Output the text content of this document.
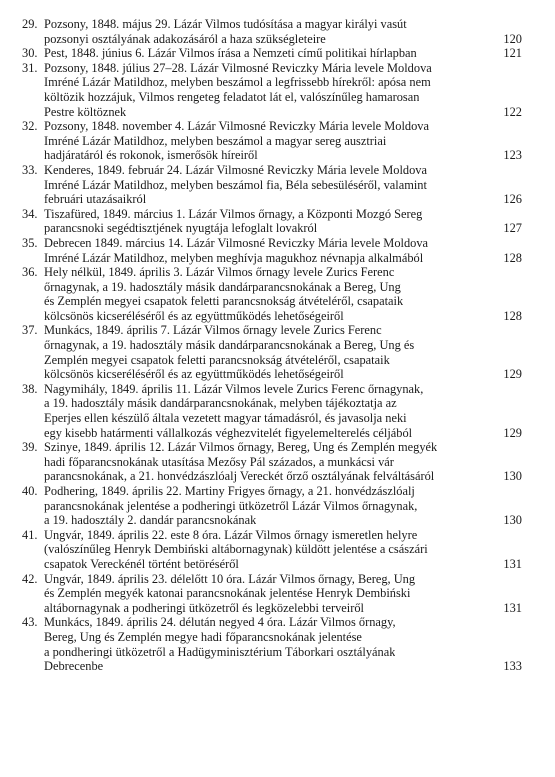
29. Pozsony, 1848. május 29. Lázár Vilmos tudósítása a magyar királyi vasút
pozsonyi osztályának adakozásáról a haza szükségleteire	120
30. Pest, 1848. június 6. Lázár Vilmos írása a Nemzeti című politikai hírlapban	121
31. Pozsony, 1848. július 27–28. Lázár Vilmosné Reviczky Mária levele Moldova
Imréné Lázár Matildhoz, melyben beszámol a legfrissebb hírekről: apósa nem
költözik hozzájuk, Vilmos rengeteg feladatot lát el, valószínűleg hamarosan
Pestre költöznek	122
32. Pozsony, 1848. november 4. Lázár Vilmosné Reviczky Mária levele Moldova
Imréné Lázár Matildhoz, melyben beszámol a magyar sereg ausztriai
hadjáratáról és rokonok, ismerősök híreiről	123
33. Kenderes, 1849. február 24. Lázár Vilmosné Reviczky Mária levele Moldova
Imréné Lázár Matildhoz, melyben beszámol fia, Béla sebesüléséről, valamint
februári utazásaikról	126
34. Tiszafüred, 1849. március 1. Lázár Vilmos őrnagy, a Központi Mozgó Sereg
parancsnoki segédtisztjének nyugtája lefoglalt lovakról	127
35. Debrecen 1849. március 14. Lázár Vilmosné Reviczky Mária levele Moldova
Imréné Lázár Matildhoz, melyben meghívja magukhoz névnapja alkalmából	128
36. Hely nélkül, 1849. április 3. Lázár Vilmos őrnagy levele Zurics Ferenc
őrnagynak, a 19. hadosztály másik dandárparancsnokának a Bereg, Ung
és Zemplén megyei csapatok feletti parancsnokság átvételéről, csapataik
kölcsönös kicseréléséről és az együttműködés lehetőségeiről	128
37. Munkács, 1849. április 7. Lázár Vilmos őrnagy levele Zurics Ferenc
őrnagynak, a 19. hadosztály másik dandárparancsnokának a Bereg, Ung és
Zemplén megyei csapatok feletti parancsnokság átvételéről, csapataik
kölcsönös kicseréléséről és az együttműködés lehetőségeiről	129
38. Nagymihály, 1849. április 11. Lázár Vilmos levele Zurics Ferenc őrnagynak,
a 19. hadosztály másik dandárparancsnokának, melyben tájékoztatja az
Eperjes ellen készülő általa vezetett magyar támadásról, és javasolja neki
egy kisebb határmenti vállalkozás véghezvitelét figyelemelterelés céljából	129
39. Szinye, 1849. április 12. Lázár Vilmos őrnagy, Bereg, Ung és Zemplén megyék
hadi főparancsnokának utasítása Mezősy Pál százados, a munkácsi vár
parancsnokának, a 21. honvédzászlóalj Vereckét őrző osztályának felváltásáról	130
40. Podhering, 1849. április 22. Martiny Frigyes őrnagy, a 21. honvédzászlóalj
parancsnokának jelentése a podheringi ütközetről Lázár Vilmos őrnagynak,
a 19. hadosztály 2. dandár parancsnokának	130
41. Ungvár, 1849. április 22. este 8 óra. Lázár Vilmos őrnagy ismeretlen helyre
(valószínűleg Henryk Dembiński altábornagynak) küldött jelentése a császári
csapatok Vereckénél történt betöréséről	131
42. Ungvár, 1849. április 23. délelőtt 10 óra. Lázár Vilmos őrnagy, Bereg, Ung
és Zemplén megyék katonai parancsnokának jelentése Henryk Dembiński
altábornagynak a podheringi ütközetről és legközelebbi terveiről	131
43. Munkács, 1849. április 24. délután negyed 4 óra. Lázár Vilmos őrnagy,
Bereg, Ung és Zemplén megye hadi főparancsnokának jelentése
a pondheringi ütközetről a Hadügyminisztérium Táborkari osztályának
Debrecenbe	133
